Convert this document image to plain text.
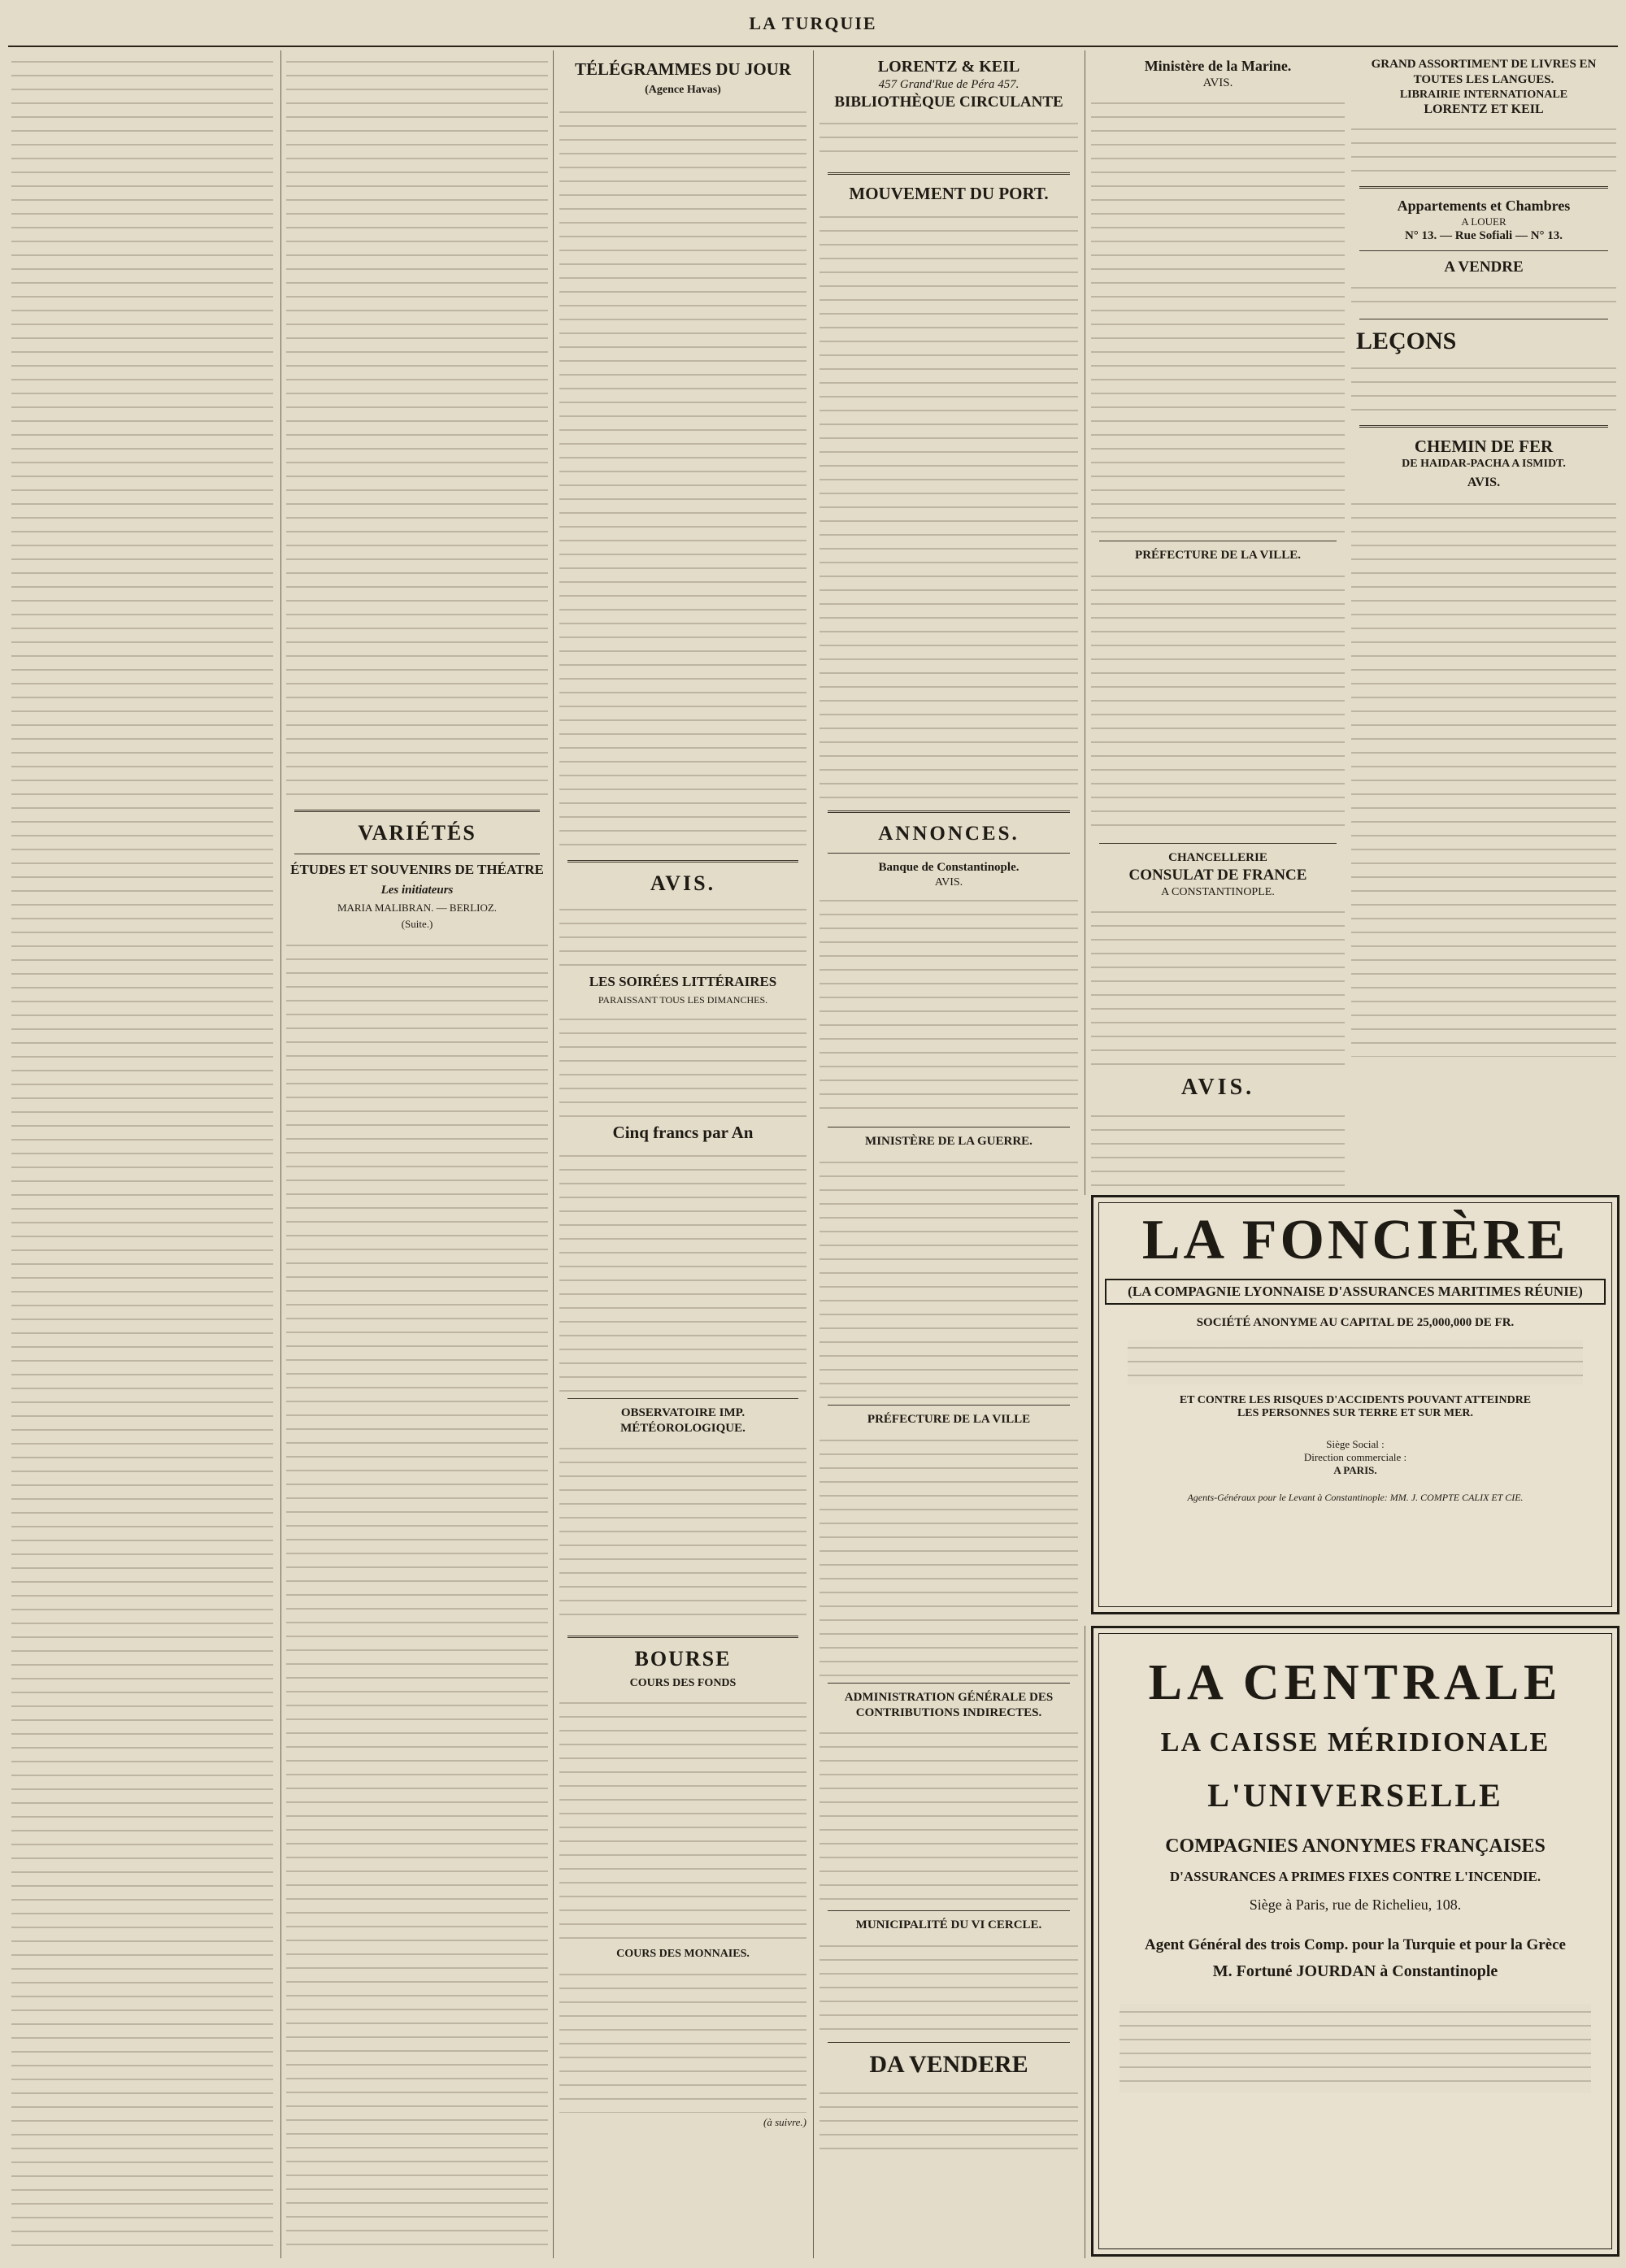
LA TURQUIE
VARIÉTÉS
ÉTUDES ET SOUVENIRS DE THÉATRE
Les initiateurs
MARIA MALIBRAN. — BERLIOZ.
(Suite.)
TÉLÉGRAMMES DU JOUR
(Agence Havas)
AVIS.
LES SOIRÉES LITTÉRAIRES
PARAISSANT TOUS LES DIMANCHES.
Cinq francs par An
OBSERVATOIRE IMP. MÉTÉOROLOGIQUE.
BOURSE
COURS DES FONDS
COURS DES MONNAIES.
(à suivre.)
LORENTZ & KEIL
457 Grand'Rue de Péra 457.
BIBLIOTHÈQUE CIRCULANTE
MOUVEMENT DU PORT.
ANNONCES.
Banque de Constantinople.
AVIS.
MINISTÈRE DE LA GUERRE.
PRÉFECTURE DE LA VILLE
ADMINISTRATION GÉNÉRALE DES CONTRIBUTIONS INDIRECTES.
MUNICIPALITÉ DU VI CERCLE.
DA VENDERE
Ministère de la Marine.
AVIS.
PRÉFECTURE DE LA VILLE.
CHANCELLERIE
CONSULAT DE FRANCE
A CONSTANTINOPLE.
AVIS.
GRAND ASSORTIMENT DE LIVRES EN TOUTES LES LANGUES.
LIBRAIRIE INTERNATIONALE
LORENTZ ET KEIL
Appartements et Chambres
A LOUER
N° 13. — Rue Sofiali — N° 13.
A VENDRE
LEÇONS
CHEMIN DE FER
DE HAIDAR-PACHA A ISMIDT.
AVIS.
LA FONCIÈRE
(LA COMPAGNIE LYONNAISE D'ASSURANCES MARITIMES RÉUNIE)
SOCIÉTÉ ANONYME AU CAPITAL DE 25,000,000 DE FR.
ET CONTRE LES RISQUES D'ACCIDENTS POUVANT ATTEINDRE
LES PERSONNES SUR TERRE ET SUR MER.
Siège Social :
Direction commerciale :
A PARIS.
Agents-Généraux pour le Levant à Constantinople: MM. J. COMPTE CALIX ET CIE.
LA CENTRALE
LA CAISSE MÉRIDIONALE
L'UNIVERSELLE
COMPAGNIES ANONYMES FRANÇAISES
D'ASSURANCES A PRIMES FIXES CONTRE L'INCENDIE.
Siège à Paris, rue de Richelieu, 108.
Agent Général des trois Comp. pour la Turquie et pour la Grèce
M. Fortuné JOURDAN à Constantinople
